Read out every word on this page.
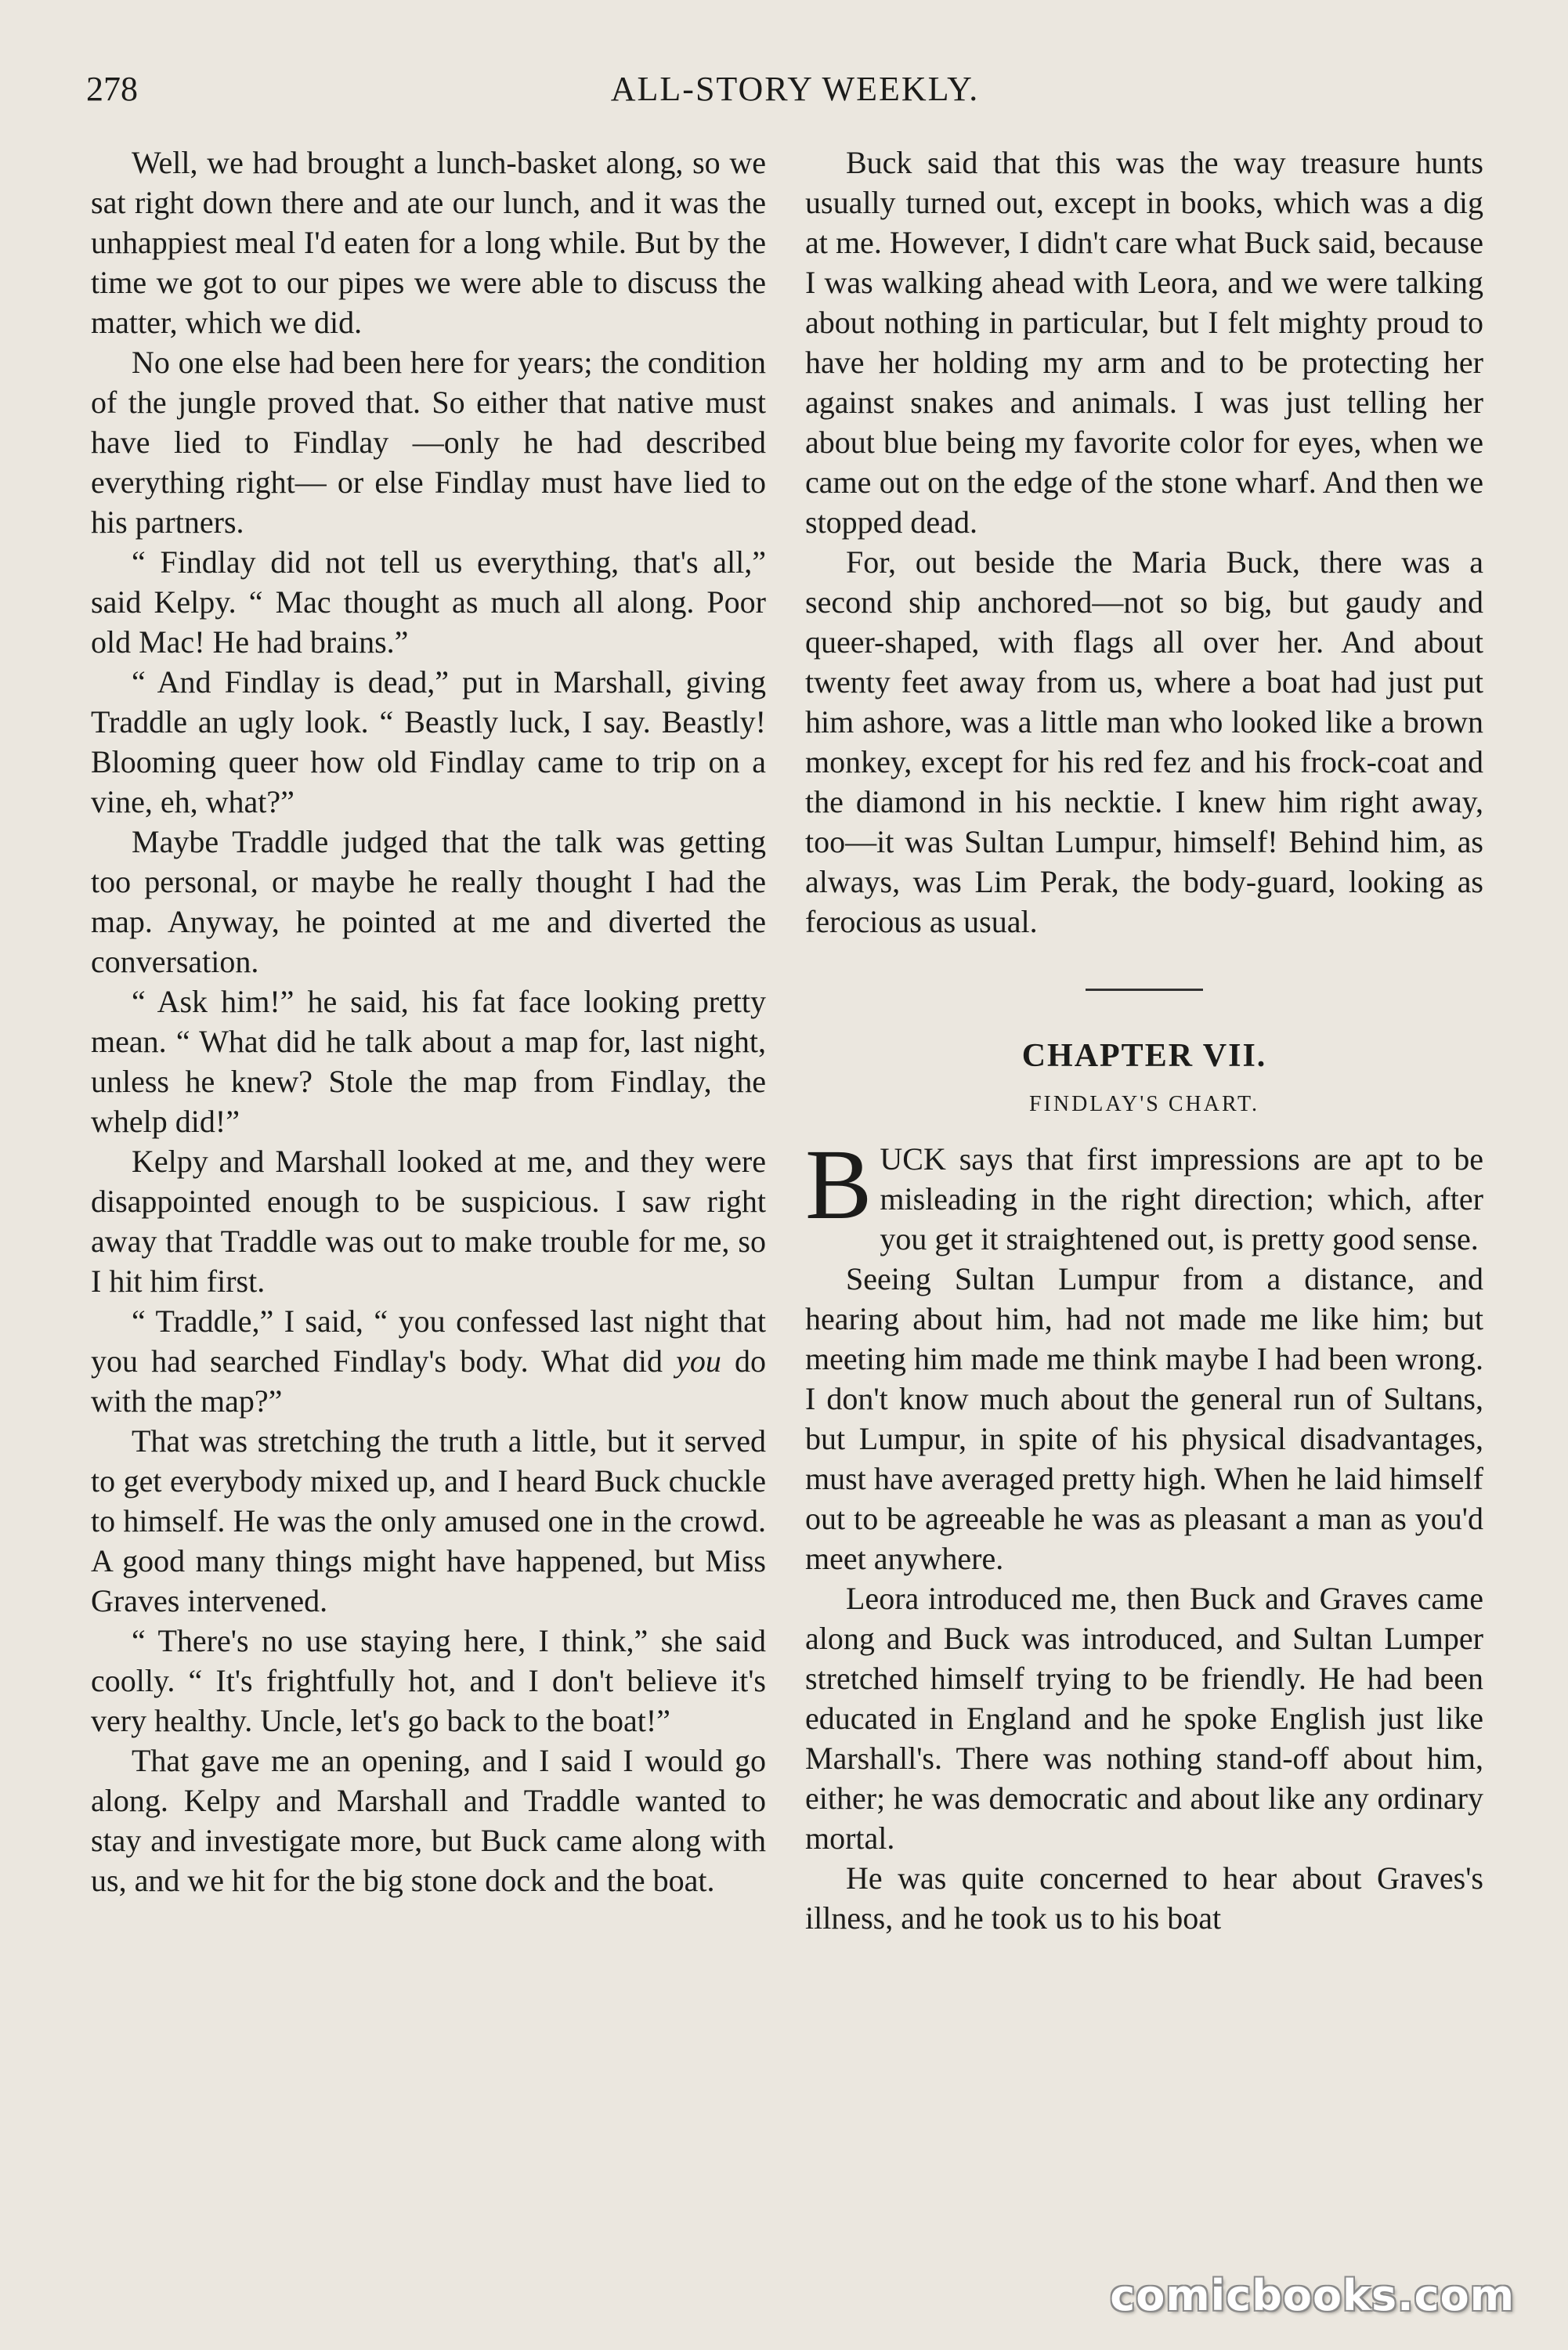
278	ALL-STORY WEEKLY.

Well, we had brought a lunch-basket along, so we sat right down there and ate our lunch, and it was the unhappiest meal I'd eaten for a long while. But by the time we got to our pipes we were able to discuss the matter, which we did.

No one else had been here for years; the condition of the jungle proved that. So either that native must have lied to Findlay —only he had described everything right— or else Findlay must have lied to his partners.

“ Findlay did not tell us everything, that's all,” said Kelpy. “ Mac thought as much all along. Poor old Mac! He had brains.”

“ And Findlay is dead,” put in Marshall, giving Traddle an ugly look. “ Beastly luck, I say. Beastly! Blooming queer how old Findlay came to trip on a vine, eh, what?”

Maybe Traddle judged that the talk was getting too personal, or maybe he really thought I had the map. Anyway, he pointed at me and diverted the conversation.

“ Ask him!” he said, his fat face looking pretty mean. “ What did he talk about a map for, last night, unless he knew? Stole the map from Findlay, the whelp did!”

Kelpy and Marshall looked at me, and they were disappointed enough to be suspicious. I saw right away that Traddle was out to make trouble for me, so I hit him first.

“ Traddle,” I said, “ you confessed last night that you had searched Findlay's body. What did you do with the map?”

That was stretching the truth a little, but it served to get everybody mixed up, and I heard Buck chuckle to himself. He was the only amused one in the crowd. A good many things might have happened, but Miss Graves intervened.

“ There's no use staying here, I think,” she said coolly. “ It's frightfully hot, and I don't believe it's very healthy. Uncle, let's go back to the boat!”

That gave me an opening, and I said I would go along. Kelpy and Marshall and Traddle wanted to stay and investigate more, but Buck came along with us, and we hit for the big stone dock and the boat.

Buck said that this was the way treasure hunts usually turned out, except in books, which was a dig at me. However, I didn't care what Buck said, because I was walking ahead with Leora, and we were talking about nothing in particular, but I felt mighty proud to have her holding my arm and to be protecting her against snakes and animals. I was just telling her about blue being my favorite color for eyes, when we came out on the edge of the stone wharf. And then we stopped dead.

For, out beside the Maria Buck, there was a second ship anchored—not so big, but gaudy and queer-shaped, with flags all over her. And about twenty feet away from us, where a boat had just put him ashore, was a little man who looked like a brown monkey, except for his red fez and his frock-coat and the diamond in his necktie. I knew him right away, too—it was Sultan Lumpur, himself! Behind him, as always, was Lim Perak, the body-guard, looking as ferocious as usual.

CHAPTER VII.
FINDLAY'S CHART.

BUCK says that first impressions are apt to be misleading in the right direction; which, after you get it straightened out, is pretty good sense.

Seeing Sultan Lumpur from a distance, and hearing about him, had not made me like him; but meeting him made me think maybe I had been wrong. I don't know much about the general run of Sultans, but Lumpur, in spite of his physical disadvantages, must have averaged pretty high. When he laid himself out to be agreeable he was as pleasant a man as you'd meet anywhere.

Leora introduced me, then Buck and Graves came along and Buck was introduced, and Sultan Lumper stretched himself trying to be friendly. He had been educated in England and he spoke English just like Marshall's. There was nothing stand-off about him, either; he was democratic and about like any ordinary mortal.

He was quite concerned to hear about Graves's illness, and he took us to his boat

comicbooks.com
